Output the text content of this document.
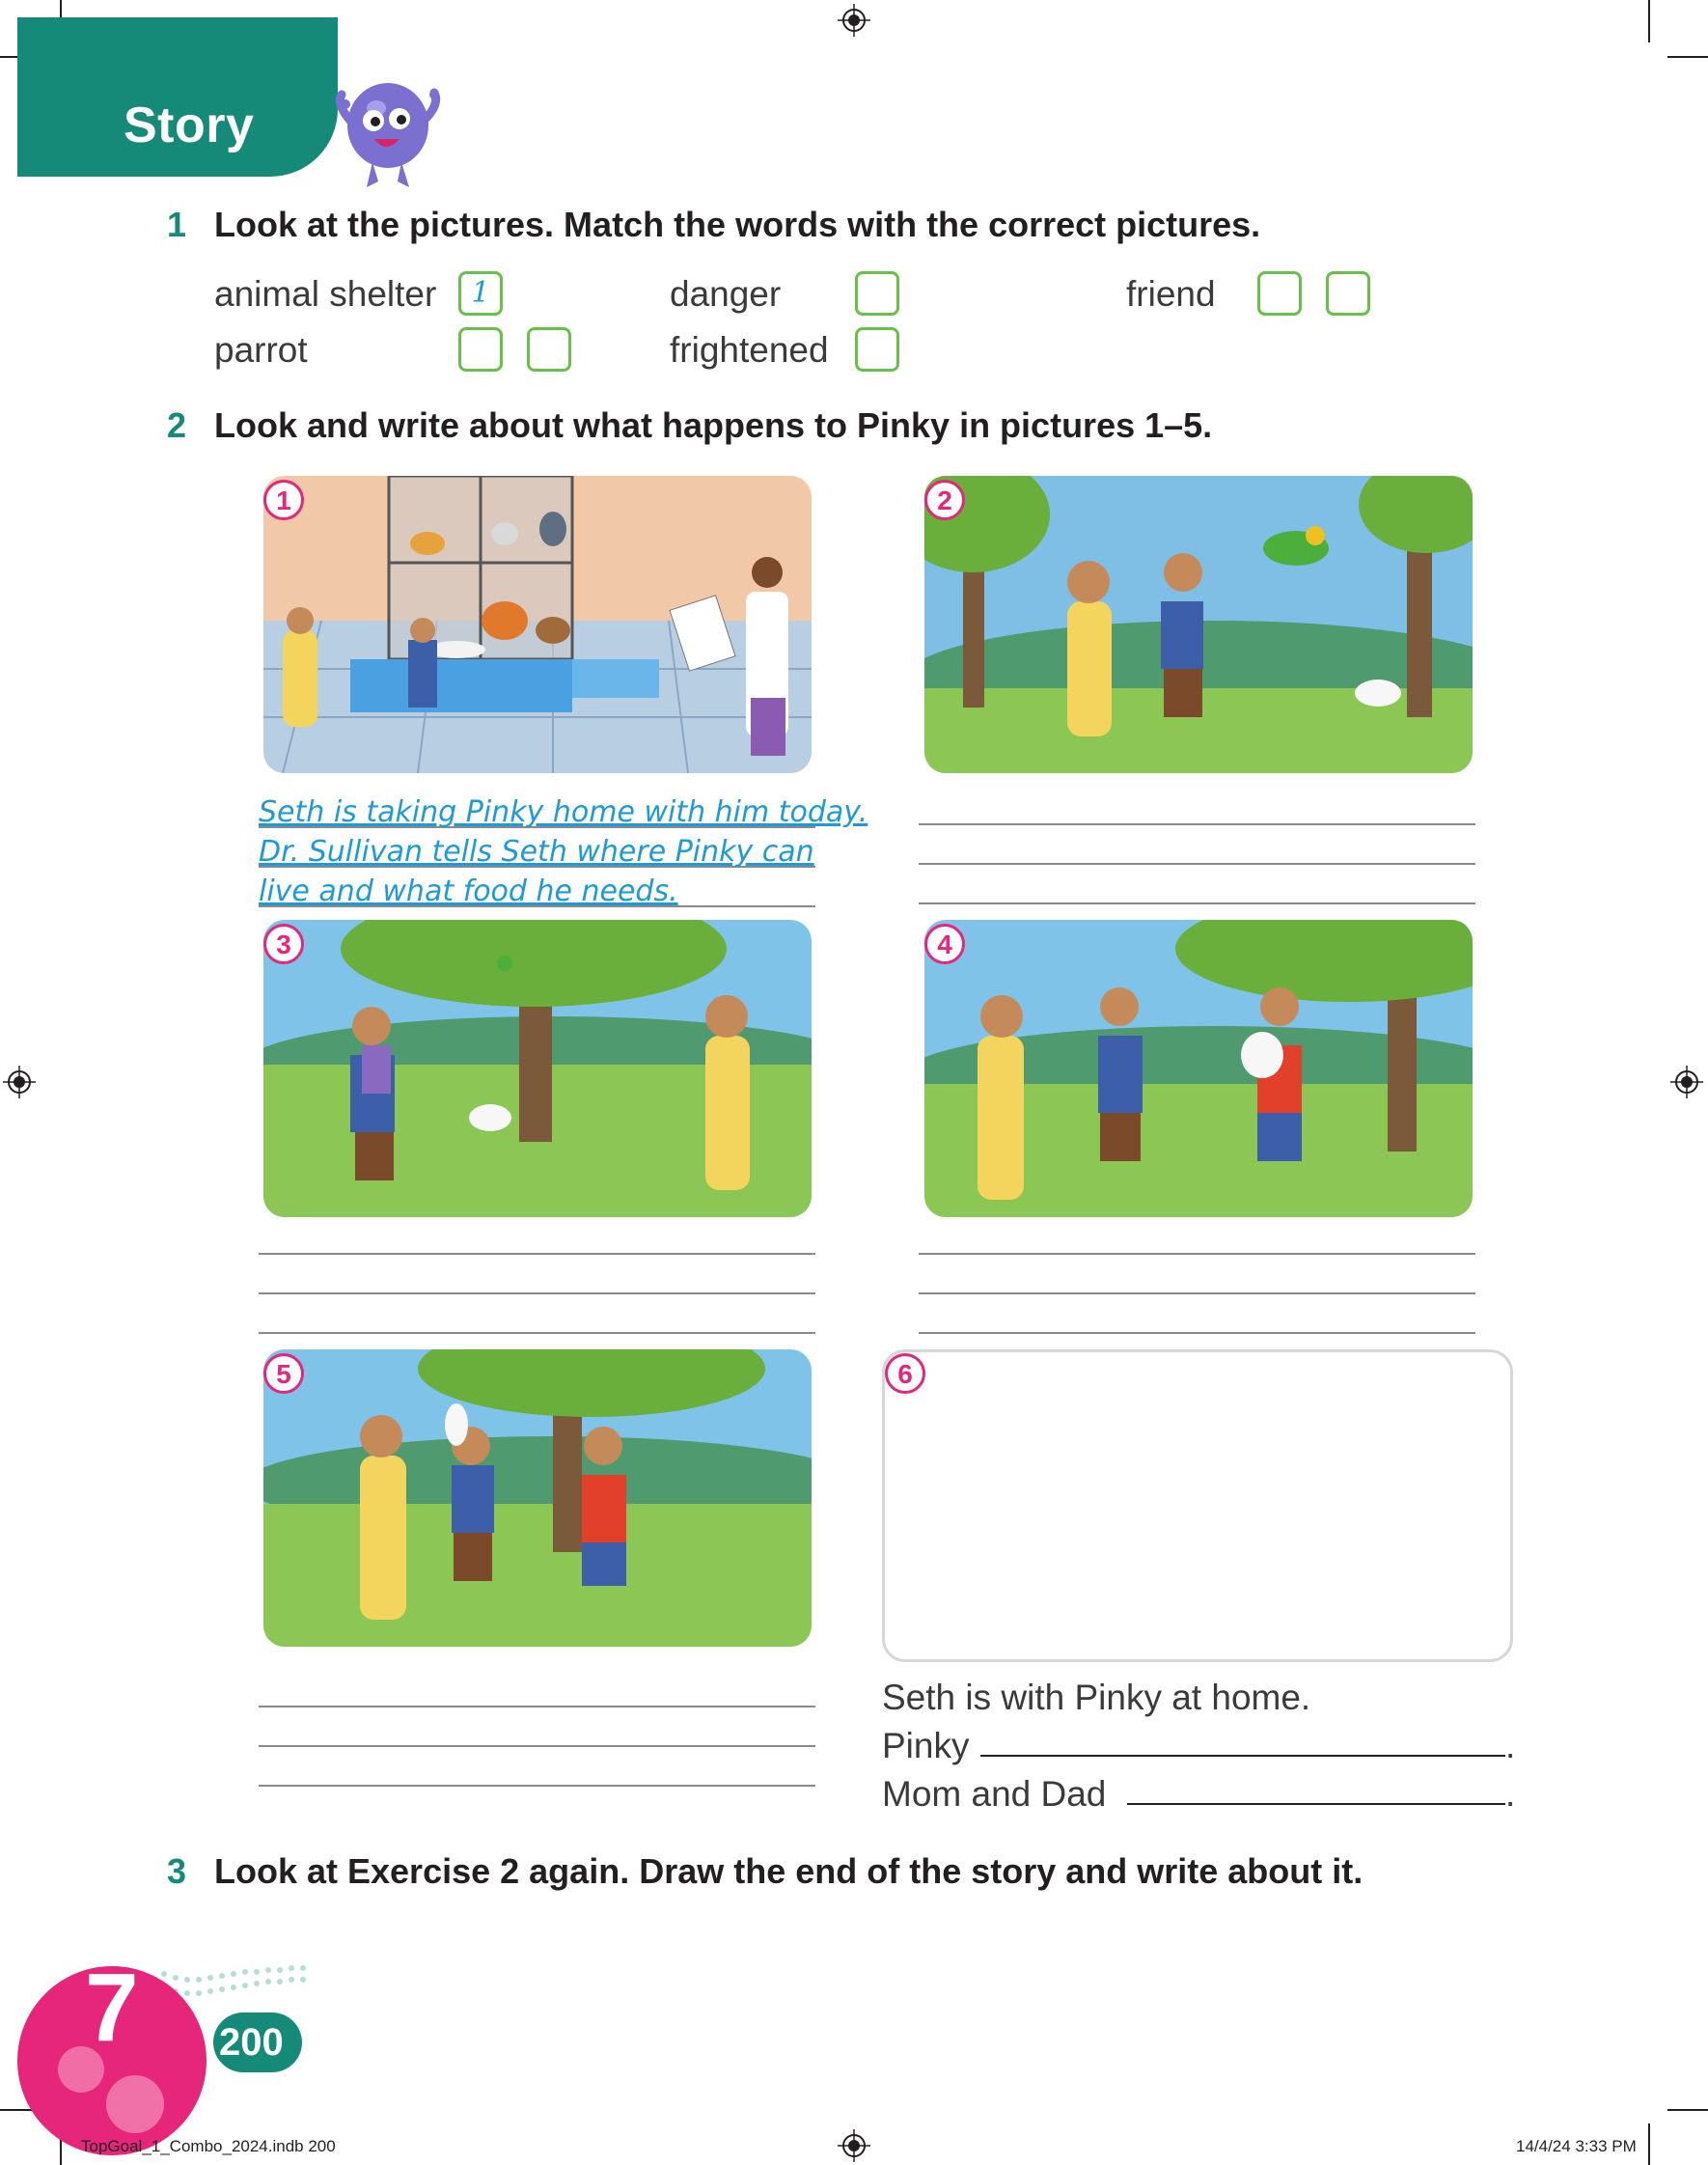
Story
1 Look at the pictures. Match the words with the correct pictures.
animal shelter	1	danger	friend
parrot	frightened
2 Look and write about what happens to Pinky in pictures 1–5.
1	2
Seth is taking Pinky home with him today.
Dr. Sullivan tells Seth where Pinky can
live and what food he needs.
3	4
5	6
Seth is with Pinky at home.
Pinky	.
Mom and Dad	.
3 Look at Exercise 2 again. Draw the end of the story and write about it.
200
7
TopGoal_1_Combo_2024.indb 200	14/4/24 3:33 PM
